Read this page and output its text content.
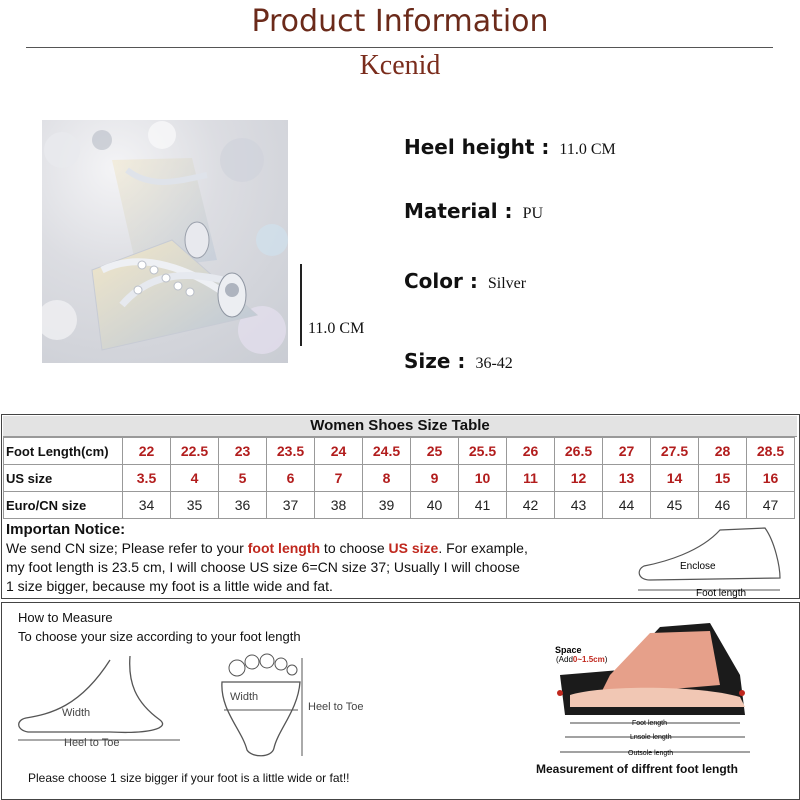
Product Information
Kcenid
11.0 CM
Heel height : 11.0 CM
Material : PU
Color : Silver
Size : 36-42
Women Shoes Size Table
Foot Length(cm)	22	22.5	23	23.5	24	24.5	25	25.5	26	26.5	27	27.5	28	28.5
US size	3.5	4	5	6	7	8	9	10	11	12	13	14	15	16
Euro/CN size	34	35	36	37	38	39	40	41	42	43	44	45	46	47
Importan Notice:
We send CN size; Please refer to your foot length to choose US size. For example,
my foot length is 23.5 cm, I will choose US size 6=CN size 37; Usually I will choose
1 size bigger, because my foot is a little wide and fat.
Enclose
Foot length
How to Measure
To choose your size according to your foot length
Width
Heel to Toe
Width
Heel to Toe
Space
(Add0~1.5cm)
Foot length
Lnsole length
Outsole length
Measurement of diffrent foot length
Please choose 1 size bigger if your foot is a little wide or fat!!
